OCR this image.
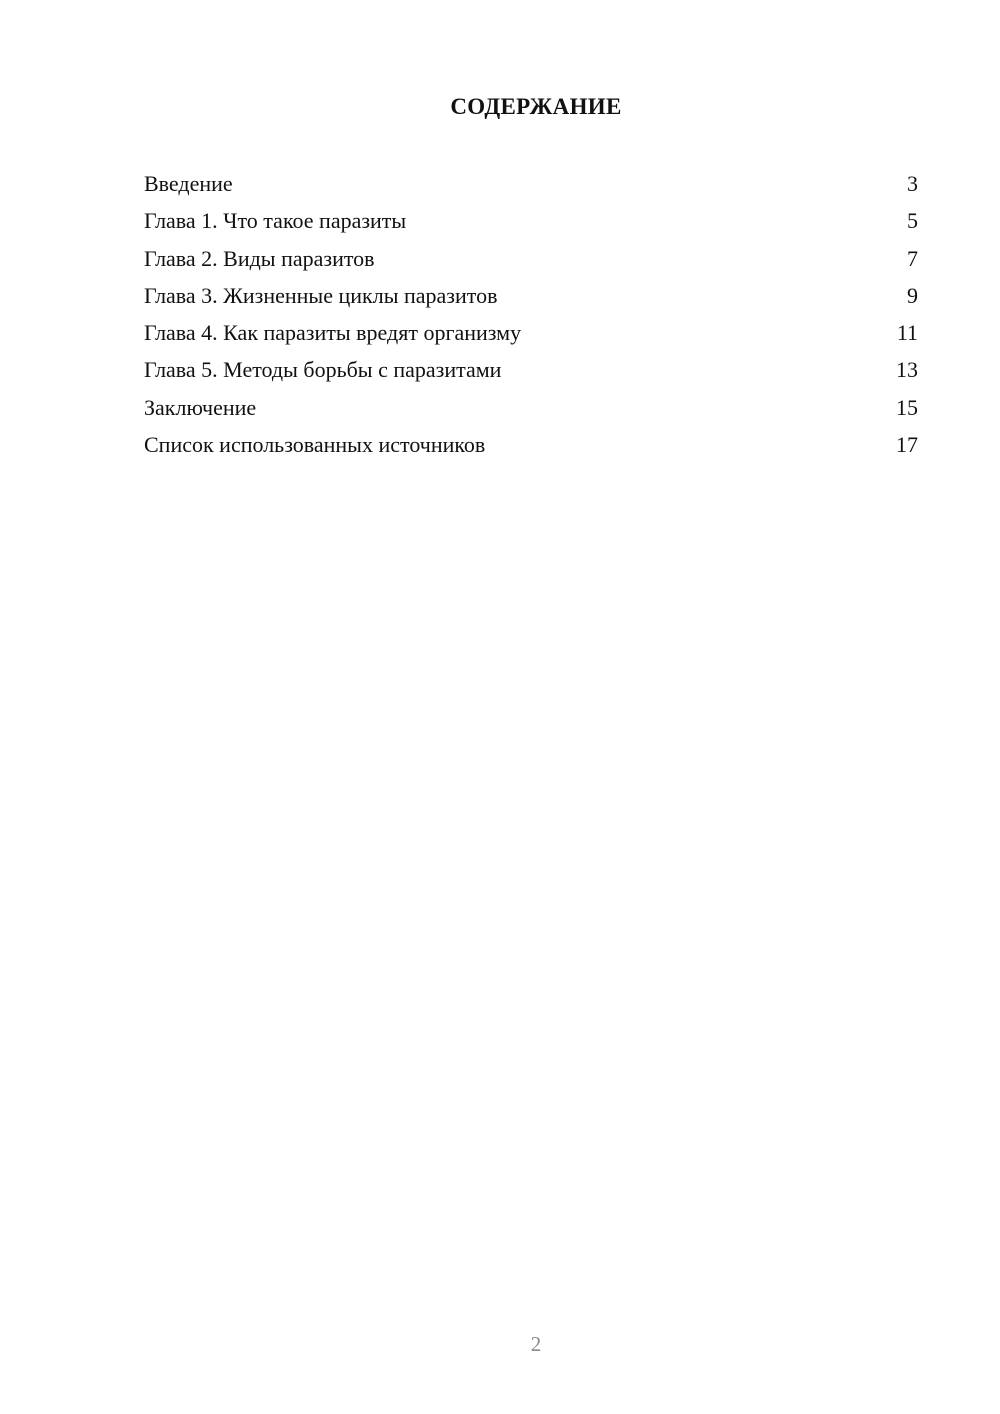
СОДЕРЖАНИЕ
Введение	3
Глава 1. Что такое паразиты	5
Глава 2. Виды паразитов	7
Глава 3. Жизненные циклы паразитов	9
Глава 4. Как паразиты вредят организму	11
Глава 5. Методы борьбы с паразитами	13
Заключение	15
Список использованных источников	17
2
